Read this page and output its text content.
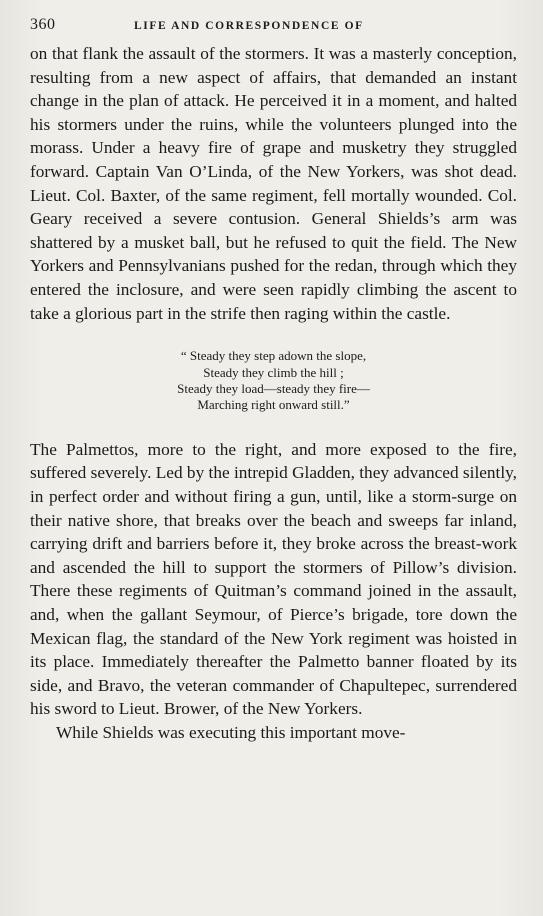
360	LIFE AND CORRESPONDENCE OF

on that flank the assault of the stormers. It was a masterly conception, resulting from a new aspect of affairs, that demanded an instant change in the plan of attack. He perceived it in a moment, and halted his stormers under the ruins, while the volunteers plunged into the morass. Under a heavy fire of grape and musketry they struggled forward. Captain Van O’Linda, of the New Yorkers, was shot dead. Lieut. Col. Baxter, of the same regiment, fell mortally wounded. Col. Geary received a severe contusion. General Shields’s arm was shattered by a musket ball, but he refused to quit the field. The New Yorkers and Pennsylvanians pushed for the redan, through which they entered the inclosure, and were seen rapidly climbing the ascent to take a glorious part in the strife then raging within the castle.

“ Steady they step adown the slope,
Steady they climb the hill ;
Steady they load—steady they fire—
Marching right onward still.”

The Palmettos, more to the right, and more exposed to the fire, suffered severely. Led by the intrepid Gladden, they advanced silently, in perfect order and without firing a gun, until, like a storm-surge on their native shore, that breaks over the beach and sweeps far inland, carrying drift and barriers before it, they broke across the breast-work and ascended the hill to support the stormers of Pillow’s division. There these regiments of Quitman’s command joined in the assault, and, when the gallant Seymour, of Pierce’s brigade, tore down the Mexican flag, the standard of the New York regiment was hoisted in its place. Immediately thereafter the Palmetto banner floated by its side, and Bravo, the veteran commander of Chapultepec, surrendered his sword to Lieut. Brower, of the New Yorkers.

While Shields was executing this important move-
